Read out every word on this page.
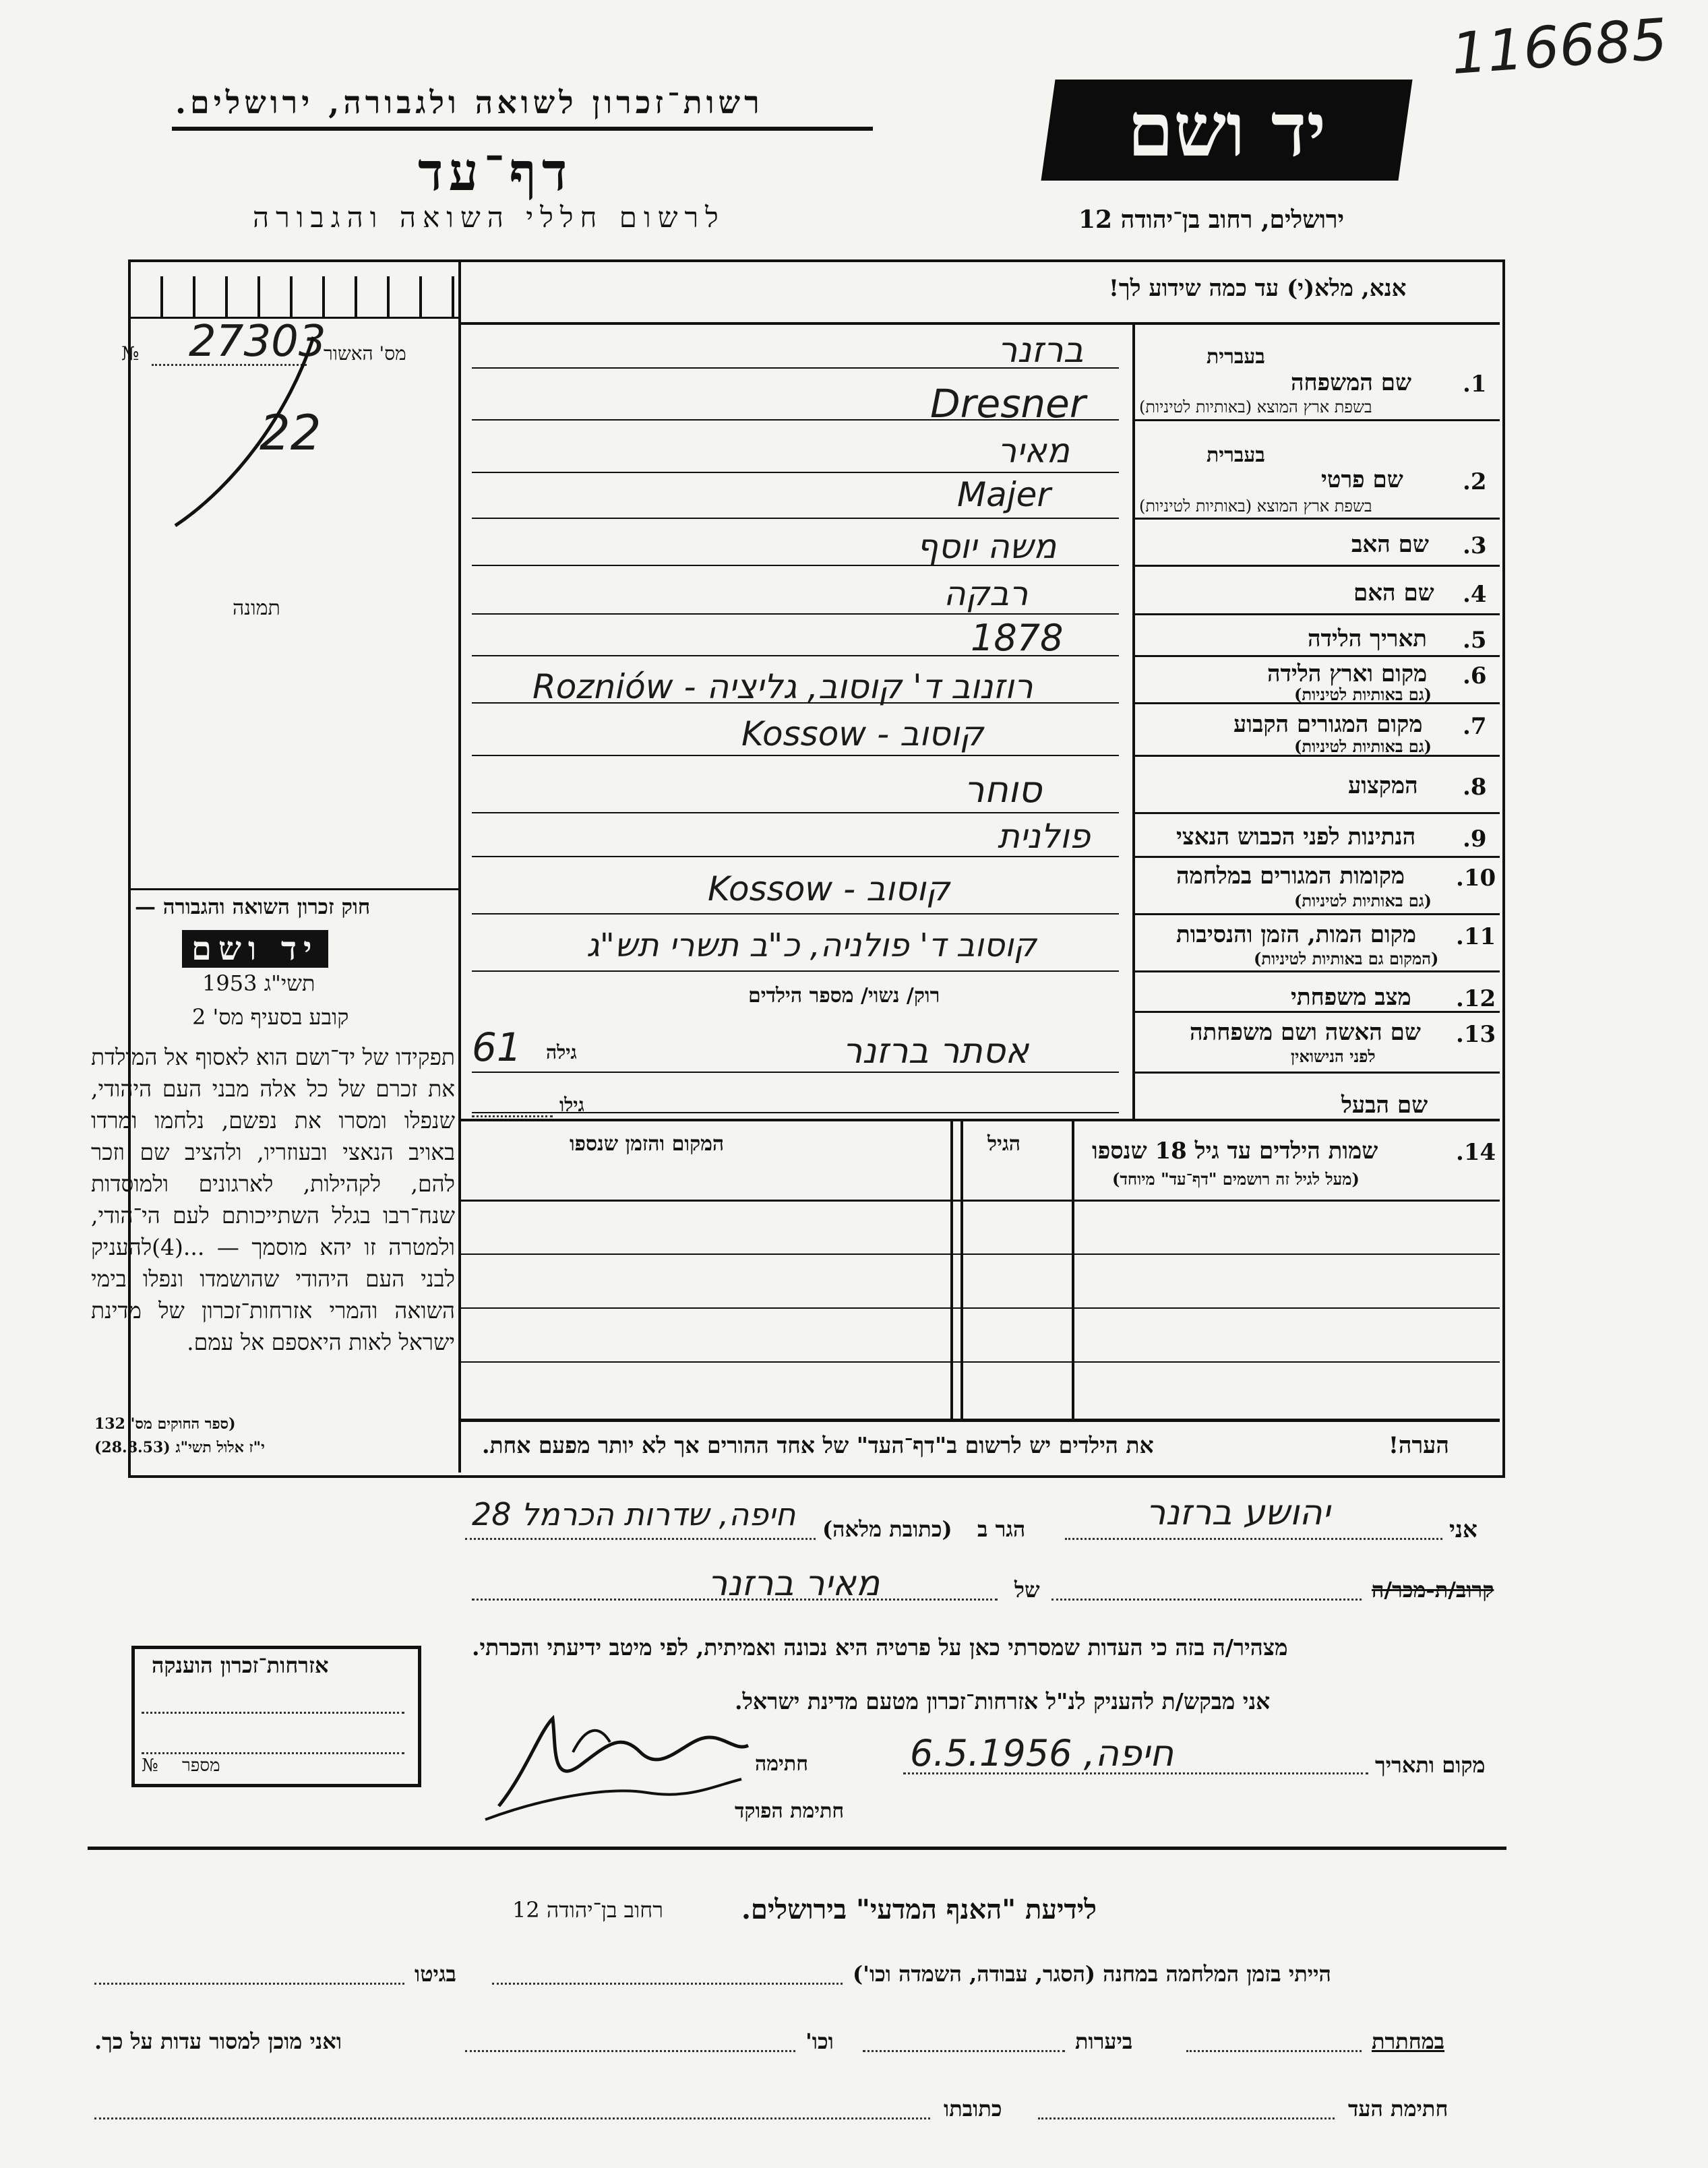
116685
רשות־זכרון לשואה ולגבורה, ירושלים.	יד ושם
דף־עד
לרשום חללי השואה והגבורה	ירושלים, רחוב בן־יהודה 12
מס' האשור
№ 27303
22
תמונה
חוק זכרון השואה והגבורה —
יד ושם
תשי"ג 1953
קובע בסעיף מס' 2
תפקידו של יד־ושם הוא לאסוף אל המולדת את זכרם של כל אלה מבני העם היהודי, שנפלו ומסרו את נפשם, נלחמו ומרדו באויב הנאצי ובעוזריו, ולהציב שם וזכר להם, לקהילות, לארגונים ולמוסדות שנח־רבו בגלל השתייכותם לעם הי־הודי, ולמטרה זו יהא מוסמך — ...(4)להעניק לבני העם היהודי שהושמדו ונפלו בימי השואה והמרי אזרחות־זכרון של מדינת ישראל לאות היאספם אל עמם.
(ספר החוקים מס' 132
י"ז אלול תשי"ג (28.8.53)
אזרחות־זכרון הוענקה
מספר
№
אנא, מלא(י) עד כמה שידוע לך!
בעברית
1.
שם המשפחה
בשפת ארץ המוצא (באותיות לטיניות)
ברזנר
Dresner
בעברית
2.
שם פרטי
בשפת ארץ המוצא (באותיות לטיניות)
מאיר
Majer
3.
שם האב
משה יוסף
4.
שם האם
רבקה
5.
תאריך הלידה
1878
6.
מקום וארץ הלידה
(גם באותיות לטיניות)
רוזנוב ד' קוסוב, גליציה - Rozniów
7.
מקום המגורים הקבוע
(גם באותיות לטיניות)
קוסוב - Kossow
8.
המקצוע
סוחר
9.
הנתינות לפני הכבוש הנאצי
פולנית
10.
מקומות המגורים במלחמה
(גם באותיות לטיניות)
קוסוב - Kossow
11.
מקום המות, הזמן והנסיבות
(המקום גם באותיות לטיניות)
קוסוב ד' פולניה, כ"ב תשרי תש"ג
12.
מצב משפחתי
רוק/ נשוי/ מספר הילדים
13.
שם האשה ושם משפחתה
לפני הנישואין
אסתר ברזנר
גילה
61
שם הבעל
גילו
14.
שמות הילדים עד גיל 18 שנספו
(מעל לגיל זה רושמים "דף־עד" מיוחד)
הגיל
המקום והזמן שנספו
הערה!
את הילדים יש לרשום ב"דף־העד" של אחד ההורים אך לא יותר מפעם אחת.
אני
יהושע ברזנר
הגר ב
(כתובת מלאה)
חיפה, שדרות הכרמל 28
קרוב/ת-מכר/ה
של
מאיר ברזנר
מצהיר/ה בזה כי העדות שמסרתי כאן על פרטיה היא נכונה ואמיתית, לפי מיטב ידיעתי והכרתי.
אני מבקש/ת להעניק לנ"ל אזרחות־זכרון מטעם מדינת ישראל.
מקום ותאריך
חיפה, 6.5.1956
חתימה
חתימת הפוקד
לידיעת "האנף המדעי" בירושלים.
רחוב בן־יהודה 12
הייתי בזמן המלחמה במחנה (הסגר, עבודה, השמדה וכו')
בגיטו
במחתרת
ביערות
וכו'
ואני מוכן למסור עדות על כך.
חתימת העד
כתובתו
